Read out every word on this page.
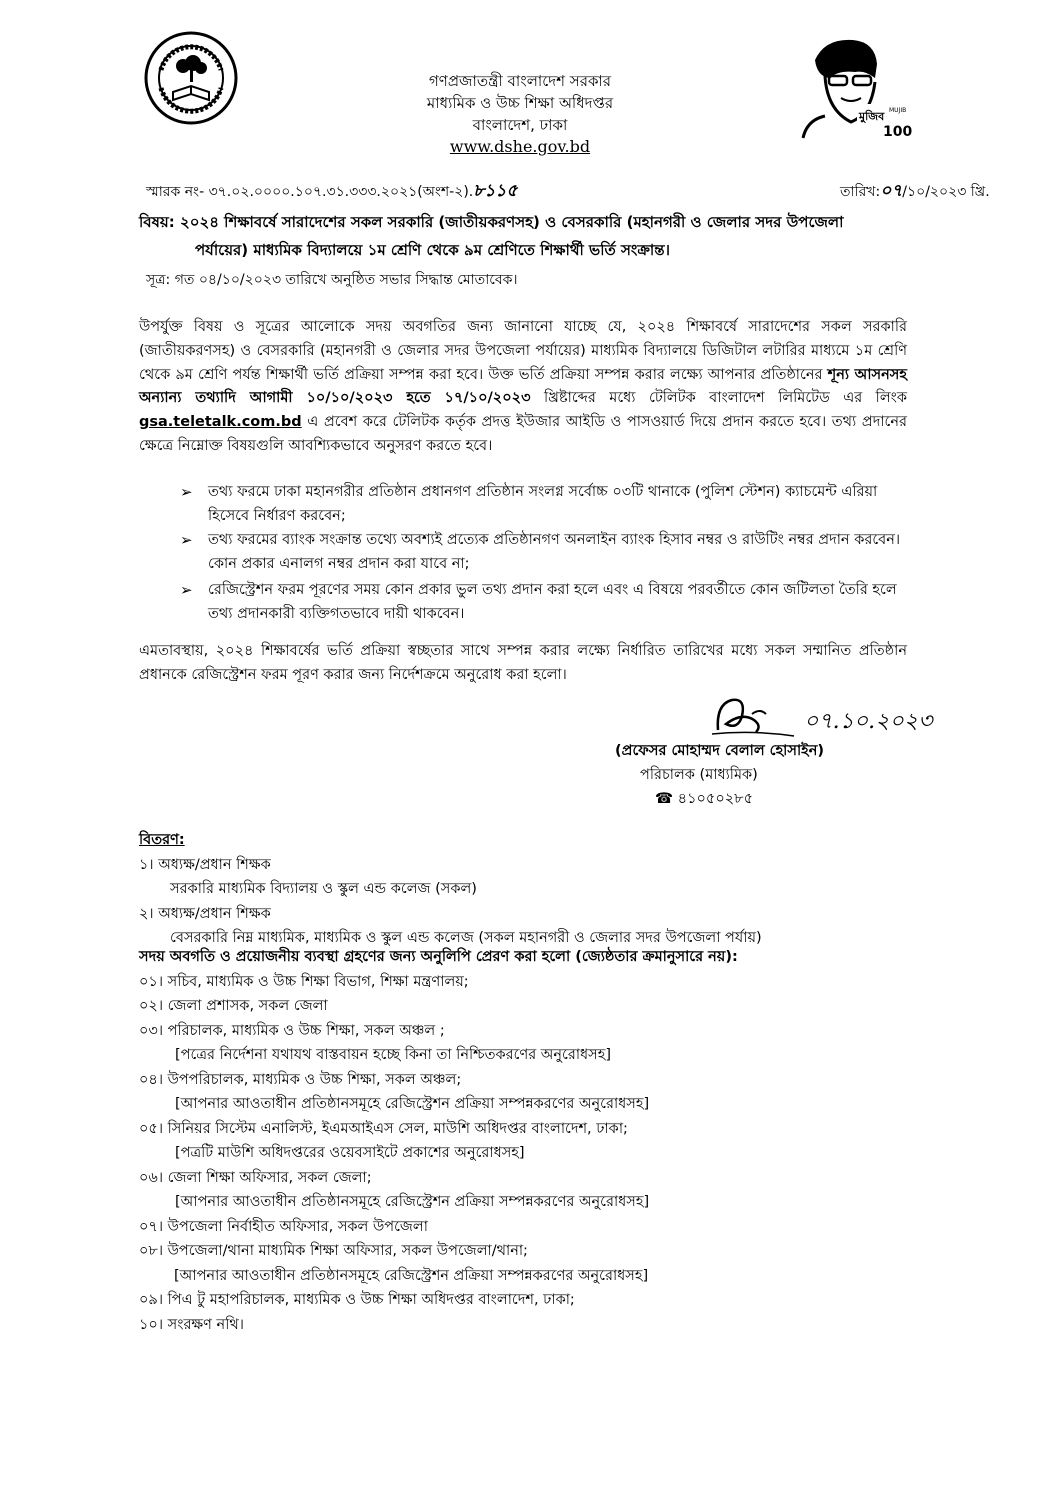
মুজিব MUJIB
100
গণপ্রজাতন্ত্রী বাংলাদেশ সরকার
মাধ্যমিক ও উচ্চ শিক্ষা অধিদপ্তর
বাংলাদেশ, ঢাকা
www.dshe.gov.bd
স্মারক নং- ৩৭.০২.০০০০.১০৭.৩১.৩৩৩.২০২১(অংশ-২).৮১১৫	তারিখ:০৭/১০/২০২৩ খ্রি.
বিষয়: ২০২৪ শিক্ষাবর্ষে সারাদেশের সকল সরকারি (জাতীয়করণসহ) ও বেসরকারি (মহানগরী ও জেলার সদর উপজেলা
পর্যায়ের) মাধ্যমিক বিদ্যালয়ে ১ম শ্রেণি থেকে ৯ম শ্রেণিতে শিক্ষার্থী ভর্তি সংক্রান্ত।
সূত্র: গত ০৪/১০/২০২৩ তারিখে অনুষ্ঠিত সভার সিদ্ধান্ত মোতাবেক।
উপর্যুক্ত বিষয় ও সূত্রের আলোকে সদয় অবগতির জন্য জানানো যাচ্ছে যে, ২০২৪ শিক্ষাবর্ষে সারাদেশের সকল সরকারি (জাতীয়করণসহ) ও বেসরকারি (মহানগরী ও জেলার সদর উপজেলা পর্যায়ের) মাধ্যমিক বিদ্যালয়ে ডিজিটাল লটারির মাধ্যমে ১ম শ্রেণি থেকে ৯ম শ্রেণি পর্যন্ত শিক্ষার্থী ভর্তি প্রক্রিয়া সম্পন্ন করা হবে। উক্ত ভর্তি প্রক্রিয়া সম্পন্ন করার লক্ষ্যে আপনার প্রতিষ্ঠানের শূন্য আসনসহ অন্যান্য তথ্যাদি আগামী ১০/১০/২০২৩ হতে ১৭/১০/২০২৩ খ্রিষ্টাব্দের মধ্যে টেলিটক বাংলাদেশ লিমিটেড এর লিংক gsa.teletalk.com.bd এ প্রবেশ করে টেলিটক কর্তৃক প্রদত্ত ইউজার আইডি ও পাসওয়ার্ড দিয়ে প্রদান করতে হবে। তথ্য প্রদানের ক্ষেত্রে নিম্নোক্ত বিষয়গুলি আবশ্যিকভাবে অনুসরণ করতে হবে।
➢ তথ্য ফরমে ঢাকা মহানগরীর প্রতিষ্ঠান প্রধানগণ প্রতিষ্ঠান সংলগ্ন সর্বোচ্চ ০৩টি থানাকে (পুলিশ স্টেশন) ক্যাচমেন্ট এরিয়া হিসেবে নির্ধারণ করবেন;
➢ তথ্য ফরমের ব্যাংক সংক্রান্ত তথ্যে অবশ্যই প্রত্যেক প্রতিষ্ঠানগণ অনলাইন ব্যাংক হিসাব নম্বর ও রাউটিং নম্বর প্রদান করবেন। কোন প্রকার এনালগ নম্বর প্রদান করা যাবে না;
➢ রেজিস্ট্রেশন ফরম পূরণের সময় কোন প্রকার ভুল তথ্য প্রদান করা হলে এবং এ বিষয়ে পরবর্তীতে কোন জটিলতা তৈরি হলে তথ্য প্রদানকারী ব্যক্তিগতভাবে দায়ী থাকবেন।
এমতাবস্থায়, ২০২৪ শিক্ষাবর্ষের ভর্তি প্রক্রিয়া স্বচ্ছতার সাথে সম্পন্ন করার লক্ষ্যে নির্ধারিত তারিখের মধ্যে সকল সম্মানিত প্রতিষ্ঠান প্রধানকে রেজিস্ট্রেশন ফরম পূরণ করার জন্য নির্দেশক্রমে অনুরোধ করা হলো।
০৭.১০.২০২৩
(প্রফেসর মোহাম্মদ বেলাল হোসাইন)
পরিচালক (মাধ্যমিক)
☎ ৪১০৫০২৮৫
বিতরণ:
১। অধ্যক্ষ/প্রধান শিক্ষক
সরকারি মাধ্যমিক বিদ্যালয় ও স্কুল এন্ড কলেজ (সকল)
২। অধ্যক্ষ/প্রধান শিক্ষক
বেসরকারি নিম্ন মাধ্যমিক, মাধ্যমিক ও স্কুল এন্ড কলেজ (সকল মহানগরী ও জেলার সদর উপজেলা পর্যায়)
সদয় অবগতি ও প্রয়োজনীয় ব্যবস্থা গ্রহণের জন্য অনুলিপি প্রেরণ করা হলো (জ্যেষ্ঠতার ক্রমানুসারে নয়):
০১। সচিব, মাধ্যমিক ও উচ্চ শিক্ষা বিভাগ, শিক্ষা মন্ত্রণালয়;
০২। জেলা প্রশাসক, সকল জেলা
০৩। পরিচালক, মাধ্যমিক ও উচ্চ শিক্ষা, সকল অঞ্চল ;
[পত্রের নির্দেশনা যথাযথ বাস্তবায়ন হচ্ছে কিনা তা নিশ্চিতকরণের অনুরোধসহ]
০৪। উপপরিচালক, মাধ্যমিক ও উচ্চ শিক্ষা, সকল অঞ্চল;
[আপনার আওতাধীন প্রতিষ্ঠানসমূহে রেজিস্ট্রেশন প্রক্রিয়া সম্পন্নকরণের অনুরোধসহ]
০৫। সিনিয়র সিস্টেম এনালিস্ট, ইএমআইএস সেল, মাউশি অধিদপ্তর বাংলাদেশ, ঢাকা;
[পত্রটি মাউশি অধিদপ্তরের ওয়েবসাইটে প্রকাশের অনুরোধসহ]
০৬। জেলা শিক্ষা অফিসার, সকল জেলা;
[আপনার আওতাধীন প্রতিষ্ঠানসমূহে রেজিস্ট্রেশন প্রক্রিয়া সম্পন্নকরণের অনুরোধসহ]
০৭। উপজেলা নির্বাহীত অফিসার, সকল উপজেলা
০৮। উপজেলা/থানা মাধ্যমিক শিক্ষা অফিসার, সকল উপজেলা/থানা;
[আপনার আওতাধীন প্রতিষ্ঠানসমূহে রেজিস্ট্রেশন প্রক্রিয়া সম্পন্নকরণের অনুরোধসহ]
০৯। পিএ টু মহাপরিচালক, মাধ্যমিক ও উচ্চ শিক্ষা অধিদপ্তর বাংলাদেশ, ঢাকা;
১০। সংরক্ষণ নথি।
